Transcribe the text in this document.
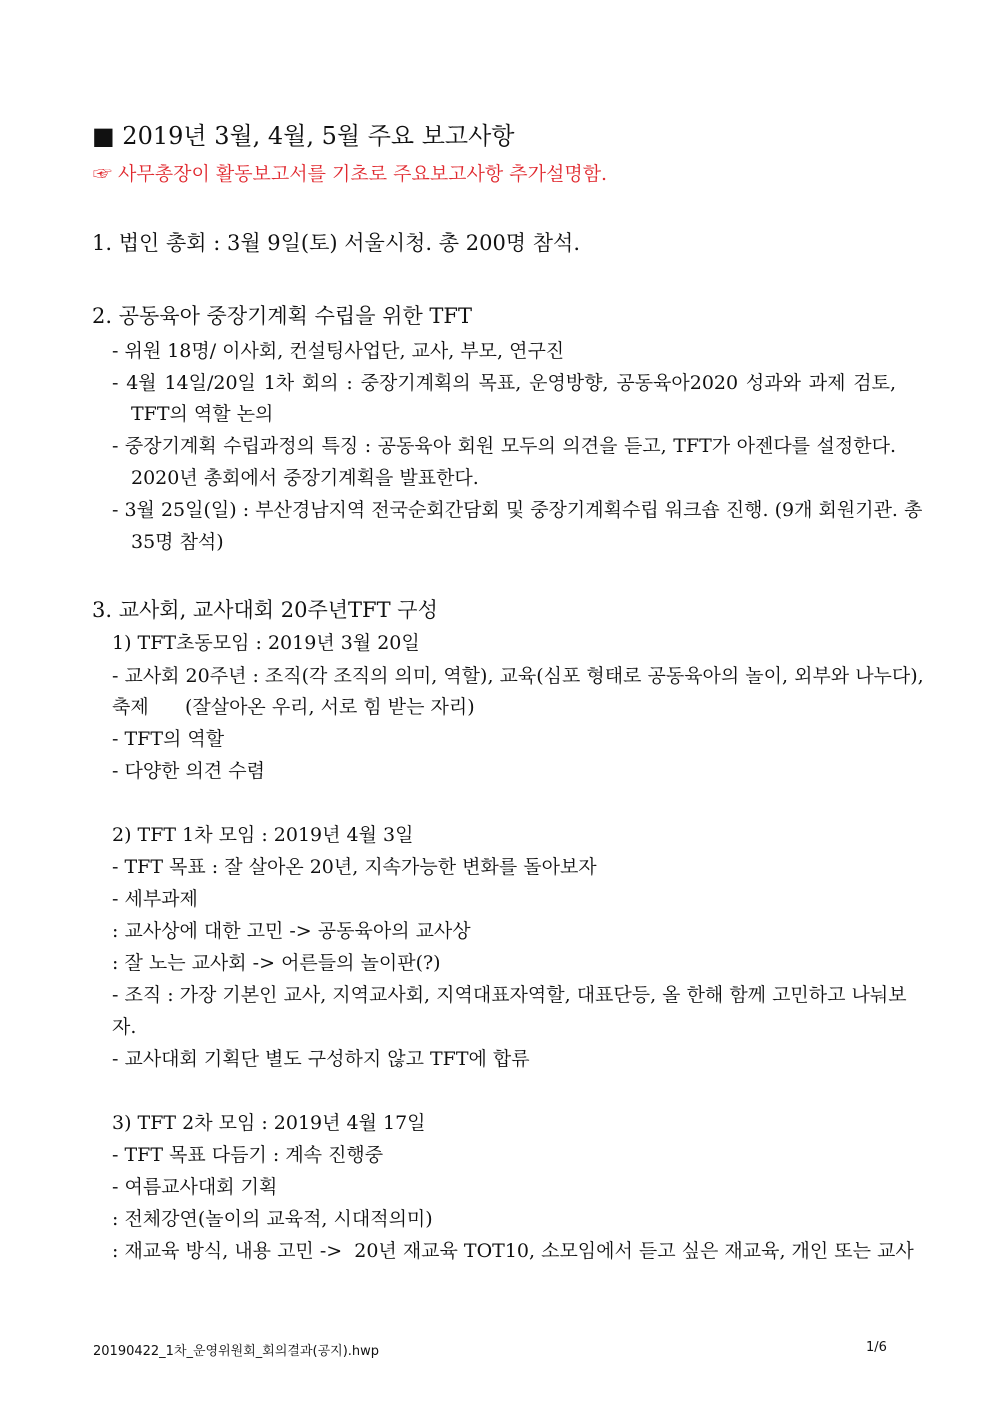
■ 2019년 3월, 4월, 5월 주요 보고사항
☞ 사무총장이 활동보고서를 기초로 주요보고사항 추가설명함.
1. 법인 총회 : 3월 9일(토) 서울시청. 총 200명 참석.
2. 공동육아 중장기계획 수립을 위한 TFT
- 위원 18명/ 이사회, 컨설팅사업단, 교사, 부모, 연구진
- 4월 14일/20일 1차 회의 : 중장기계획의 목표, 운영방향, 공동육아2020 성과와 과제 검토,
TFT의 역할 논의
- 중장기계획 수립과정의 특징 : 공동육아 회원 모두의 의견을 듣고, TFT가 아젠다를 설정한다.
2020년 총회에서 중장기계획을 발표한다.
- 3월 25일(일) : 부산경남지역 전국순회간담회 및 중장기계획수립 워크숍 진행. (9개 회원기관. 총
35명 참석)
3. 교사회, 교사대회 20주년TFT 구성
1) TFT초동모임 : 2019년 3월 20일
- 교사회 20주년 : 조직(각 조직의 의미, 역할), 교육(심포 형태로 공동육아의 놀이, 외부와 나누다),
축제      (잘살아온 우리, 서로 힘 받는 자리)
- TFT의 역할
- 다양한 의견 수렴
2) TFT 1차 모임 : 2019년 4월 3일
- TFT 목표 : 잘 살아온 20년, 지속가능한 변화를 돌아보자
- 세부과제
: 교사상에 대한 고민 -> 공동육아의 교사상
: 잘 노는 교사회 -> 어른들의 놀이판(?)
- 조직 : 가장 기본인 교사, 지역교사회, 지역대표자역할, 대표단등, 올 한해 함께 고민하고 나눠보
자.
- 교사대회 기획단 별도 구성하지 않고 TFT에 합류
3) TFT 2차 모임 : 2019년 4월 17일
- TFT 목표 다듬기 : 계속 진행중
- 여름교사대회 기획
: 전체강연(놀이의 교육적, 시대적의미)
: 재교육 방식, 내용 고민 ->  20년 재교육 TOT10, 소모임에서 듣고 싶은 재교육, 개인 또는 교사
20190422_1차_운영위원회_회의결과(공지).hwp	1/6
